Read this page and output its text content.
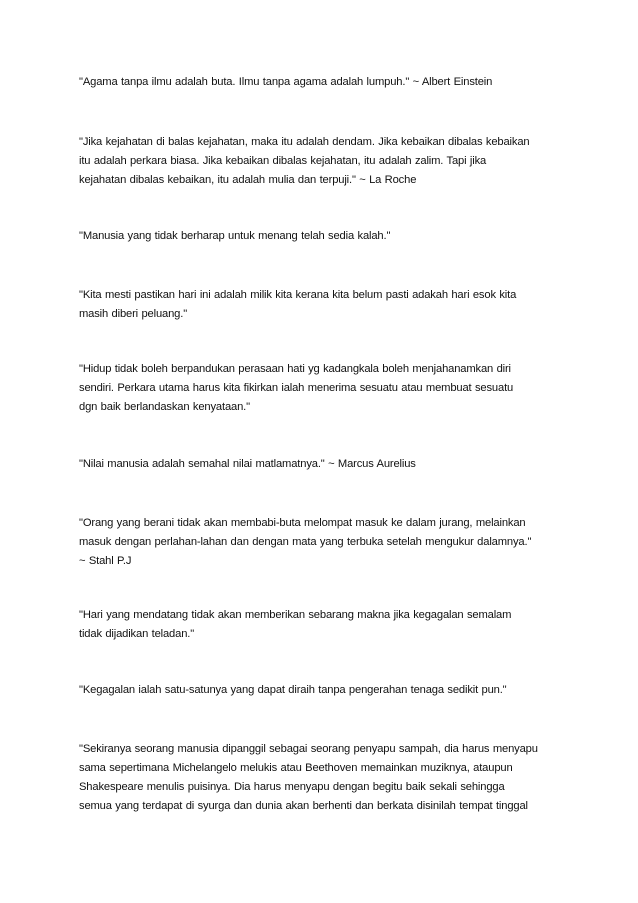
"Agama tanpa ilmu adalah buta. Ilmu tanpa agama adalah lumpuh." ~ Albert Einstein
"Jika kejahatan di balas kejahatan, maka itu adalah dendam. Jika kebaikan dibalas kebaikan
itu adalah perkara biasa. Jika kebaikan dibalas kejahatan, itu adalah zalim. Tapi jika
kejahatan dibalas kebaikan, itu adalah mulia dan terpuji." ~ La Roche
"Manusia yang tidak berharap untuk menang telah sedia kalah."
"Kita mesti pastikan hari ini adalah milik kita kerana kita belum pasti adakah hari esok kita
masih diberi peluang."
"Hidup tidak boleh berpandukan perasaan hati yg kadangkala boleh menjahanamkan diri
sendiri. Perkara utama harus kita fikirkan ialah menerima sesuatu atau membuat sesuatu
dgn baik berlandaskan kenyataan."
"Nilai manusia adalah semahal nilai matlamatnya." ~ Marcus Aurelius
"Orang yang berani tidak akan membabi-buta melompat masuk ke dalam jurang, melainkan
masuk dengan perlahan-lahan dan dengan mata yang terbuka setelah mengukur dalamnya."
~ Stahl P.J
"Hari yang mendatang tidak akan memberikan sebarang makna jika kegagalan semalam
tidak dijadikan teladan."
"Kegagalan ialah satu-satunya yang dapat diraih tanpa pengerahan tenaga sedikit pun."
"Sekiranya seorang manusia dipanggil sebagai seorang penyapu sampah, dia harus menyapu
sama sepertimana Michelangelo melukis atau Beethoven memainkan muziknya, ataupun
Shakespeare menulis puisinya. Dia harus menyapu dengan begitu baik sekali sehingga
semua yang terdapat di syurga dan dunia akan berhenti dan berkata disinilah tempat tinggal
